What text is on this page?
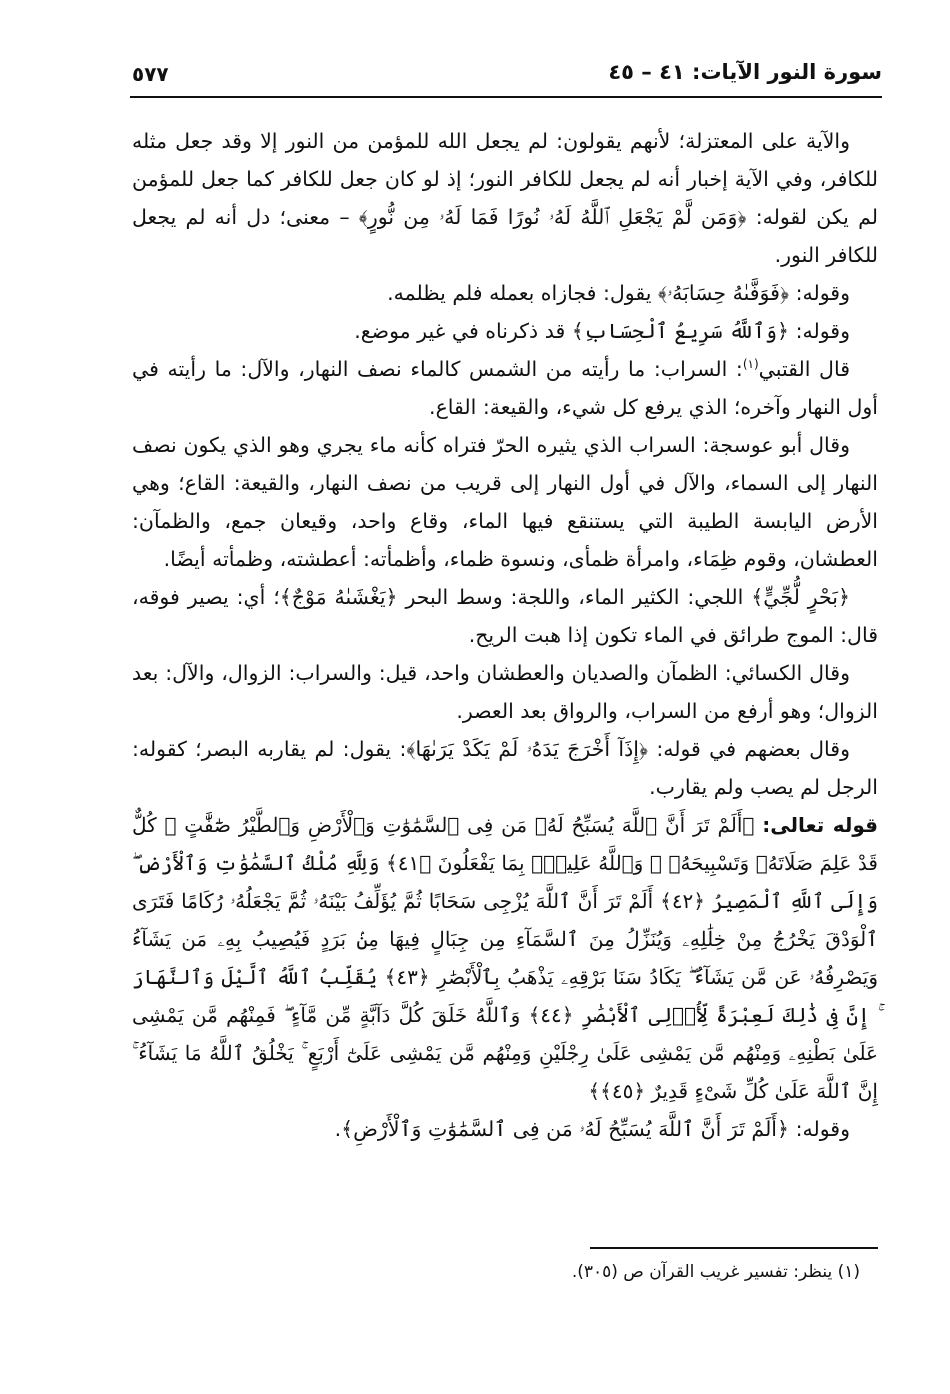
سورة النور الآيات: ٤١ – ٤٥
٥٧٧

والآية على المعتزلة؛ لأنهم يقولون: لم يجعل الله للمؤمن من النور إلا وقد جعل مثله للكافر، وفي الآية إخبار أنه لم يجعل للكافر النور؛ إذ لو كان جعل للكافر كما جعل للمؤمن لم يكن لقوله: ﴿وَمَن لَّمْ يَجْعَلِ ٱللَّهُ لَهُۥ نُورًا فَمَا لَهُۥ مِن نُّورٍ﴾ – معنى؛ دل أنه لم يجعل للكافر النور.

وقوله: ﴿فَوَفَّىٰهُ حِسَابَهُۥ﴾ يقول: فجازاه بعمله فلم يظلمه.

وقوله: ﴿وَٱللَّهُ سَرِيعُ ٱلْحِسَابِ﴾ قد ذكرناه في غير موضع.

قال القتبي$^{(١)}$: السراب: ما رأيته من الشمس كالماء نصف النهار، والآل: ما رأيته في أول النهار وآخره؛ الذي يرفع كل شيء، والقيعة: القاع.

وقال أبو عوسجة: السراب الذي يثيره الحرّ فتراه كأنه ماء يجري وهو الذي يكون نصف النهار إلى السماء، والآل في أول النهار إلى قريب من نصف النهار، والقيعة: القاع؛ وهي الأرض اليابسة الطيبة التي يستنقع فيها الماء، وقاع واحد، وقيعان جمع، والظمآن: العطشان، وقوم ظِمَاء، وامرأة ظمأى، ونسوة ظماء، وأظمأته: أعطشته، وظمأته أيضًا.

﴿بَحْرٍ لُّجِّيٍّ﴾ اللجي: الكثير الماء، واللجة: وسط البحر ﴿يَغْشَىٰهُ مَوْجٌ﴾؛ أي: يصير فوقه، قال: الموج طرائق في الماء تكون إذا هبت الريح.

وقال الكسائي: الظمآن والصديان والعطشان واحد، قيل: والسراب: الزوال، والآل: بعد الزوال؛ وهو أرفع من السراب، والرواق بعد العصر.

وقال بعضهم في قوله: ﴿إِذَآ أَخْرَجَ يَدَهُۥ لَمْ يَكَدْ يَرَىٰهَا﴾: يقول: لم يقاربه البصر؛ كقوله: الرجل لم يصب ولم يقارب.

قوله تعالى: ﴿أَلَمْ تَرَ أَنَّ ٱللَّهَ يُسَبِّحُ لَهُۥ مَن فِى ٱلسَّمَٰوَٰتِ وَٱلْأَرْضِ وَٱلطَّيْرُ صَٰٓفَّٰتٍ ۖ كُلٌّ قَدْ عَلِمَ صَلَاتَهُۥ وَتَسْبِيحَهُۥ ۗ وَٱللَّهُ عَلِيمٌۢ بِمَا يَفْعَلُونَ ﴿٤١﴾ وَلِلَّهِ مُلْكُ ٱلسَّمَٰوَٰتِ وَٱلْأَرْضِ ۖ وَإِلَى ٱللَّهِ ٱلْمَصِيرُ ﴿٤٢﴾ أَلَمْ تَرَ أَنَّ ٱللَّهَ يُزْجِى سَحَابًا ثُمَّ يُؤَلِّفُ بَيْنَهُۥ ثُمَّ يَجْعَلُهُۥ رُكَامًا فَتَرَى ٱلْوَدْقَ يَخْرُجُ مِنْ خِلَٰلِهِۦ وَيُنَزِّلُ مِنَ ٱلسَّمَآءِ مِن جِبَالٍ فِيهَا مِنۢ بَرَدٍ فَيُصِيبُ بِهِۦ مَن يَشَآءُ وَيَصْرِفُهُۥ عَن مَّن يَشَآءُ ۖ يَكَادُ سَنَا بَرْقِهِۦ يَذْهَبُ بِٱلْأَبْصَٰرِ ﴿٤٣﴾ يُقَلِّبُ ٱللَّهُ ٱلَّيْلَ وَٱلنَّهَارَ ۚ إِنَّ فِى ذَٰلِكَ لَعِبْرَةً لِّأُو۟لِى ٱلْأَبْصَٰرِ ﴿٤٤﴾ وَٱللَّهُ خَلَقَ كُلَّ دَآبَّةٍ مِّن مَّآءٍ ۖ فَمِنْهُم مَّن يَمْشِى عَلَىٰ بَطْنِهِۦ وَمِنْهُم مَّن يَمْشِى عَلَىٰ رِجْلَيْنِ وَمِنْهُم مَّن يَمْشِى عَلَىٰٓ أَرْبَعٍ ۚ يَخْلُقُ ٱللَّهُ مَا يَشَآءُ ۚ إِنَّ ٱللَّهَ عَلَىٰ كُلِّ شَىْءٍ قَدِيرٌ ﴿٤٥﴾﴾

وقوله: ﴿أَلَمْ تَرَ أَنَّ ٱللَّهَ يُسَبِّحُ لَهُۥ مَن فِى ٱلسَّمَٰوَٰتِ وَٱلْأَرْضِ﴾.

(١) ينظر: تفسير غريب القرآن ص (٣٠٥).
